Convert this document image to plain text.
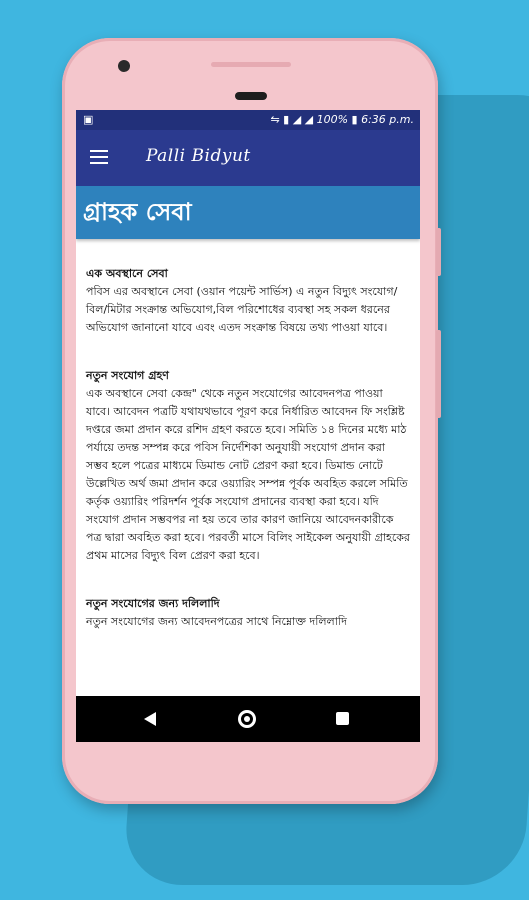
▣	⇋ ▮ ◢ ◢ 100% ▮ 6:36 p.m.
Palli Bidyut
গ্রাহক সেবা
এক অবস্থানে সেবা
পবিস এর অবস্থানে সেবা (ওয়ান পয়েন্ট সার্ভিস) এ নতুন বিদ্যুৎ সংযোগ/বিল/মিটার সংক্রান্ত অভিযোগ,বিল পরিশোধের ব্যবস্থা সহ সকল ধরনের অভিযোগ জানানো যাবে এবং এতদ সংক্রান্ত বিষয়ে তথ্য পাওয়া যাবে।
নতুন সংযোগ গ্রহণ
এক অবস্থানে সেবা কেন্দ্র" থেকে নতুন সংযোগের আবেদনপত্র পাওয়া যাবে। আবেদন পত্রটি যথাযথভাবে পূরণ করে নির্ধারিত আবেদন ফি সংশ্লিষ্ট দপ্তরে জমা প্রদান করে রশিদ গ্রহণ করতে হবে। সমিতি ১৪ দিনের মধ্যে মাঠ পর্যায়ে তদন্ত সম্পন্ন করে পবিস নির্দেশিকা অনুযায়ী সংযোগ প্রদান করা সম্ভব হলে পত্রের মাধ্যমে ডিমান্ড নোট প্রেরণ করা হবে। ডিমান্ড নোটে উল্লেখিত অর্থ জমা প্রদান করে ওয়্যারিং সম্পন্ন পূর্বক অবহিত করলে সমিতি কর্তৃক ওয়্যারিং পরিদর্শন পূর্বক সংযোগ প্রদানের ব্যবস্থা করা হবে। যদি সংযোগ প্রদান সম্ভবপর না হয় তবে তার কারণ জানিয়ে আবেদনকারীকে পত্র দ্বারা অবহিত করা হবে। পরবর্তী মাসে বিলিং সাইকেল অনুযায়ী গ্রাহকের প্রথম মাসের বিদ্যুৎ বিল প্রেরণ করা হবে।
নতুন সংযোগের জন্য দলিলাদি
নতুন সংযোগের জন্য আবেদনপত্রের সাথে নিম্নোক্ত দলিলাদি
